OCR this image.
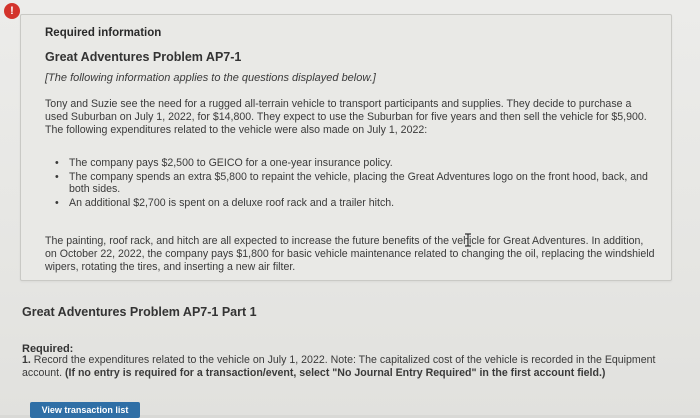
!
Required information
Great Adventures Problem AP7-1
[The following information applies to the questions displayed below.]
Tony and Suzie see the need for a rugged all-terrain vehicle to transport participants and supplies. They decide to purchase a used Suburban on July 1, 2022, for $14,800. They expect to use the Suburban for five years and then sell the vehicle for $5,900. The following expenditures related to the vehicle were also made on July 1, 2022:
• The company pays $2,500 to GEICO for a one-year insurance policy.
• The company spends an extra $5,800 to repaint the vehicle, placing the Great Adventures logo on the front hood, back, and both sides.
• An additional $2,700 is spent on a deluxe roof rack and a trailer hitch.
The painting, roof rack, and hitch are all expected to increase the future benefits of the vehicle for Great Adventures. In addition, on October 22, 2022, the company pays $1,800 for basic vehicle maintenance related to changing the oil, replacing the windshield wipers, rotating the tires, and inserting a new air filter.
Great Adventures Problem AP7-1 Part 1
Required:
1. Record the expenditures related to the vehicle on July 1, 2022. Note: The capitalized cost of the vehicle is recorded in the Equipment account. (If no entry is required for a transaction/event, select "No Journal Entry Required" in the first account field.)
View transaction list
